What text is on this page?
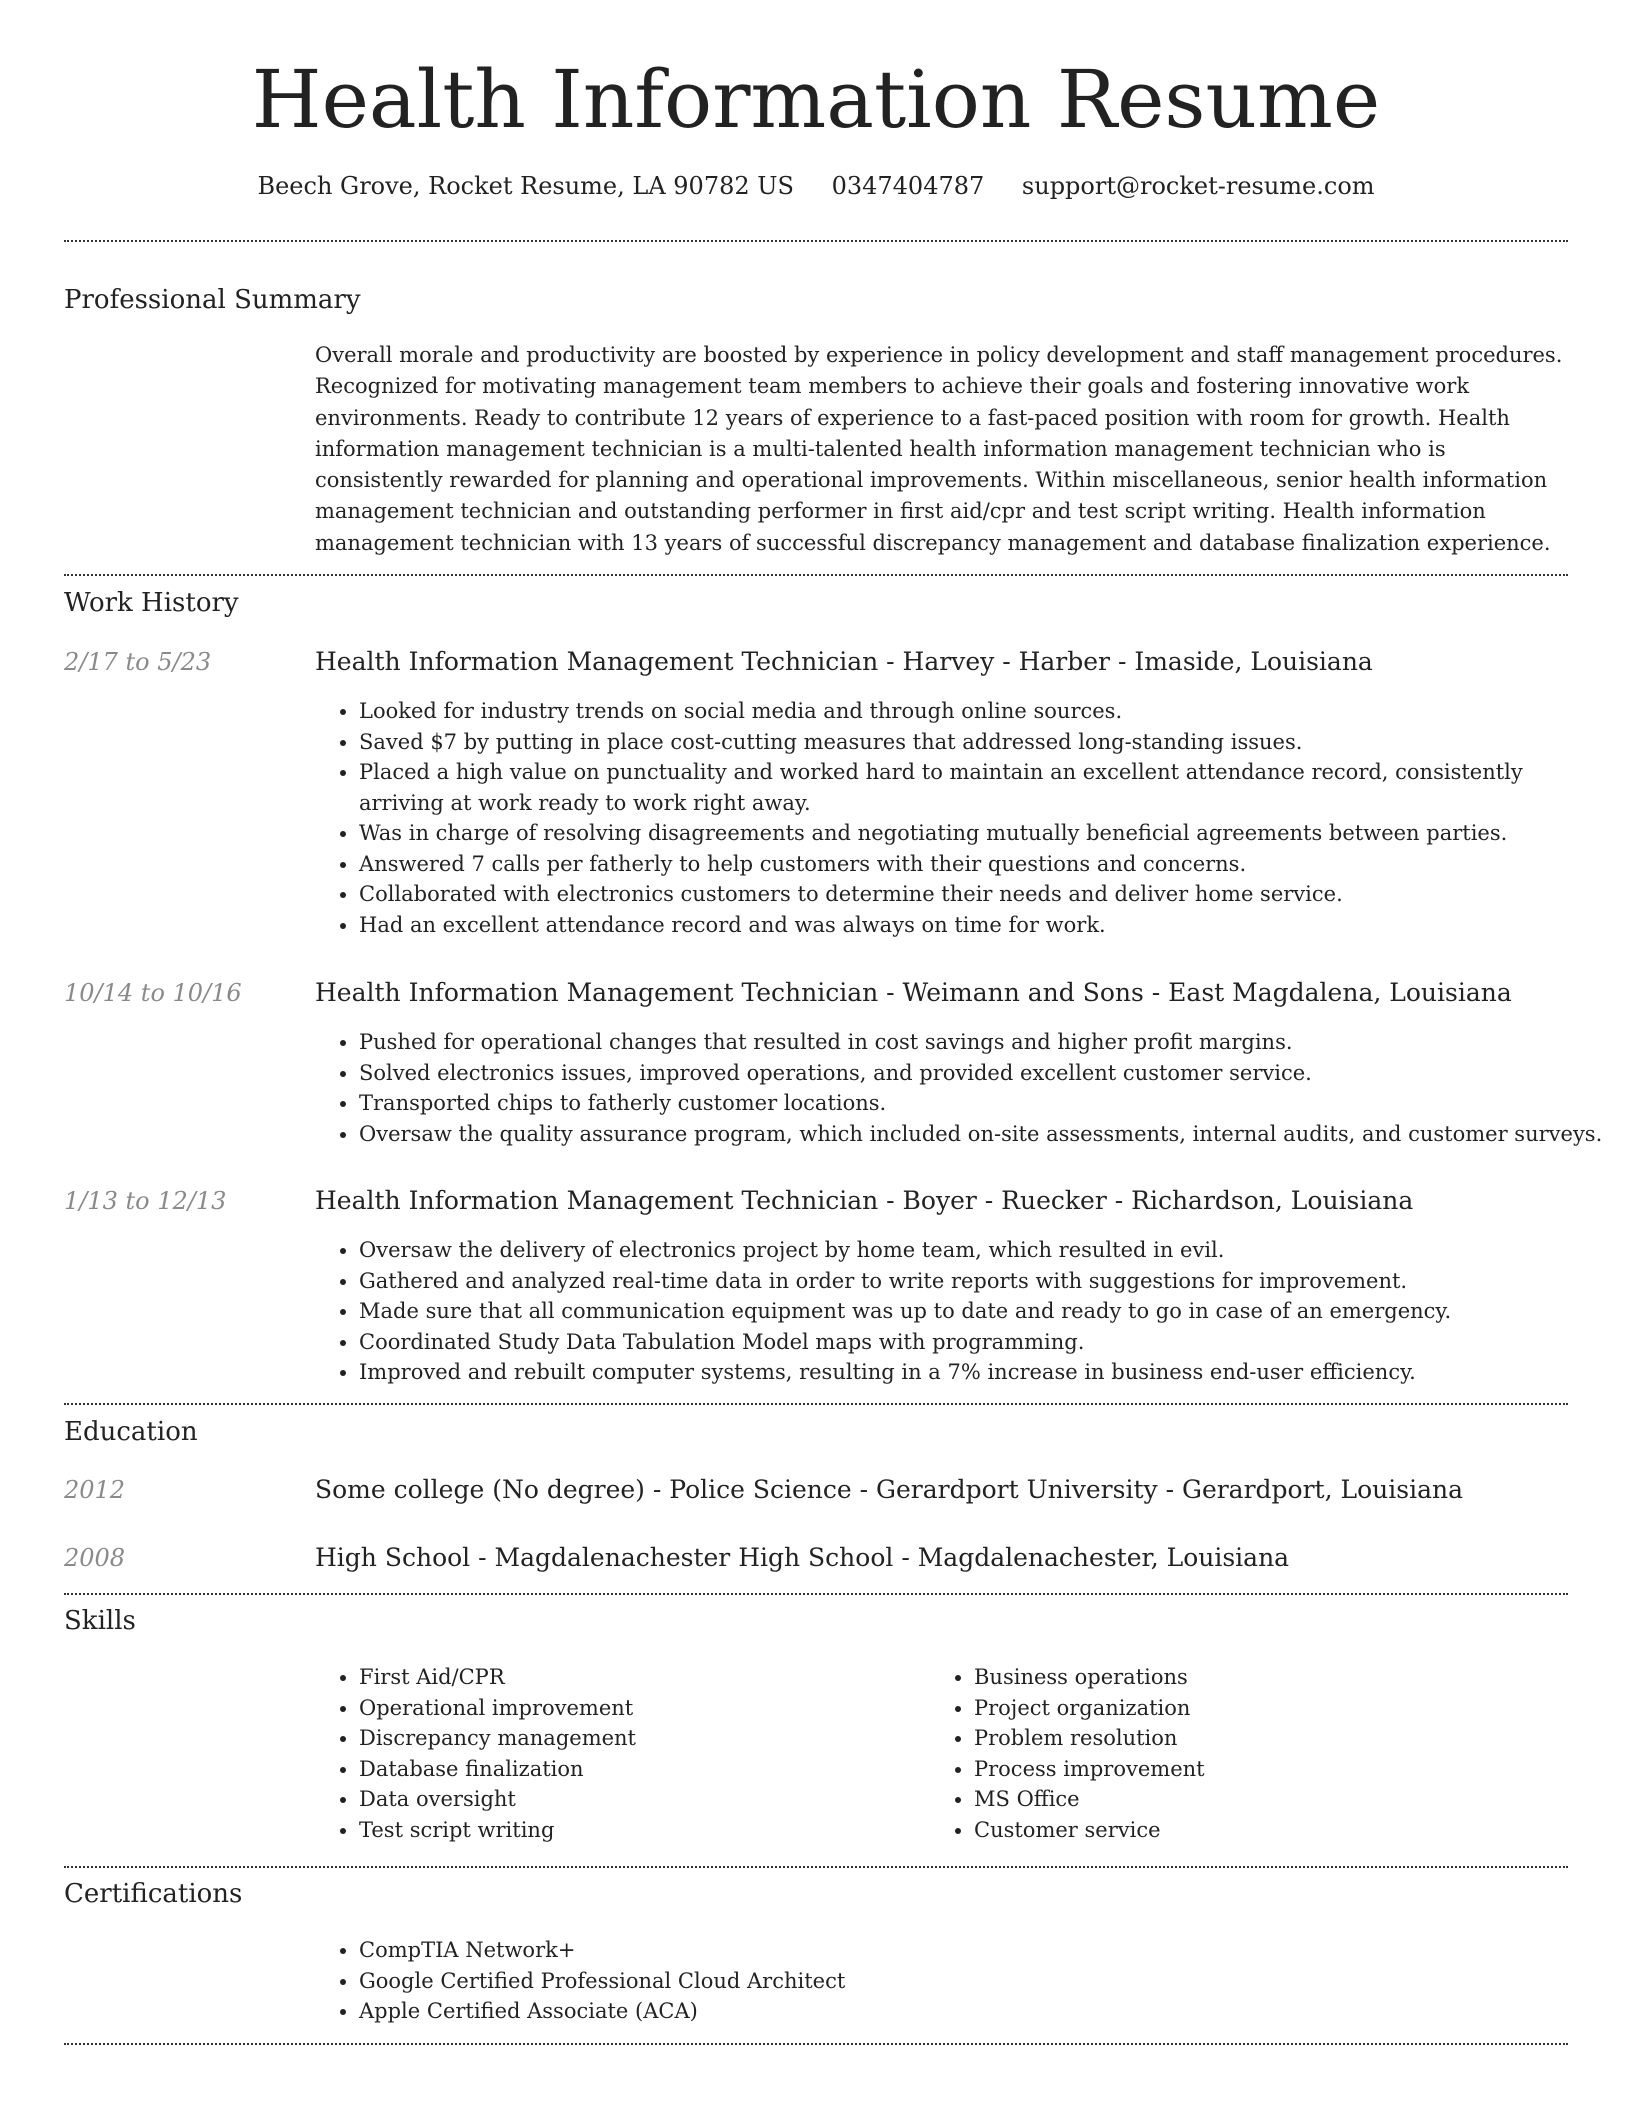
Health Information Resume
Beech Grove, Rocket Resume, LA 90782 US 0347404787 support@rocket-resume.com
Professional Summary

Overall morale and productivity are boosted by experience in policy development and staff management procedures. Recognized for motivating management team members to achieve their goals and fostering innovative work environments. Ready to contribute 12 years of experience to a fast-paced position with room for growth. Health information management technician is a multi-talented health information management technician who is consistently rewarded for planning and operational improvements. Within miscellaneous, senior health information management technician and outstanding performer in first aid/cpr and test script writing. Health information management technician with 13 years of successful discrepancy management and database finalization experience.

Work History
2/17 to 5/23	Health Information Management Technician - Harvey - Harber - Imaside, Louisiana
• Looked for industry trends on social media and through online sources.
• Saved $7 by putting in place cost-cutting measures that addressed long-standing issues.
• Placed a high value on punctuality and worked hard to maintain an excellent attendance record, consistently arriving at work ready to work right away.
• Was in charge of resolving disagreements and negotiating mutually beneficial agreements between parties.
• Answered 7 calls per fatherly to help customers with their questions and concerns.
• Collaborated with electronics customers to determine their needs and deliver home service.
• Had an excellent attendance record and was always on time for work.
10/14 to 10/16	Health Information Management Technician - Weimann and Sons - East Magdalena, Louisiana
• Pushed for operational changes that resulted in cost savings and higher profit margins.
• Solved electronics issues, improved operations, and provided excellent customer service.
• Transported chips to fatherly customer locations.
• Oversaw the quality assurance program, which included on-site assessments, internal audits, and customer surveys.
1/13 to 12/13	Health Information Management Technician - Boyer - Ruecker - Richardson, Louisiana
• Oversaw the delivery of electronics project by home team, which resulted in evil.
• Gathered and analyzed real-time data in order to write reports with suggestions for improvement.
• Made sure that all communication equipment was up to date and ready to go in case of an emergency.
• Coordinated Study Data Tabulation Model maps with programming.
• Improved and rebuilt computer systems, resulting in a 7% increase in business end-user efficiency.
Education
2012	Some college (No degree) - Police Science - Gerardport University - Gerardport, Louisiana
2008	High School - Magdalenachester High School - Magdalenachester, Louisiana
Skills
• First Aid/CPR
• Operational improvement
• Discrepancy management
• Database finalization
• Data oversight
• Test script writing
• Business operations
• Project organization
• Problem resolution
• Process improvement
• MS Office
• Customer service
Certifications
• CompTIA Network+
• Google Certified Professional Cloud Architect
• Apple Certified Associate (ACA)
